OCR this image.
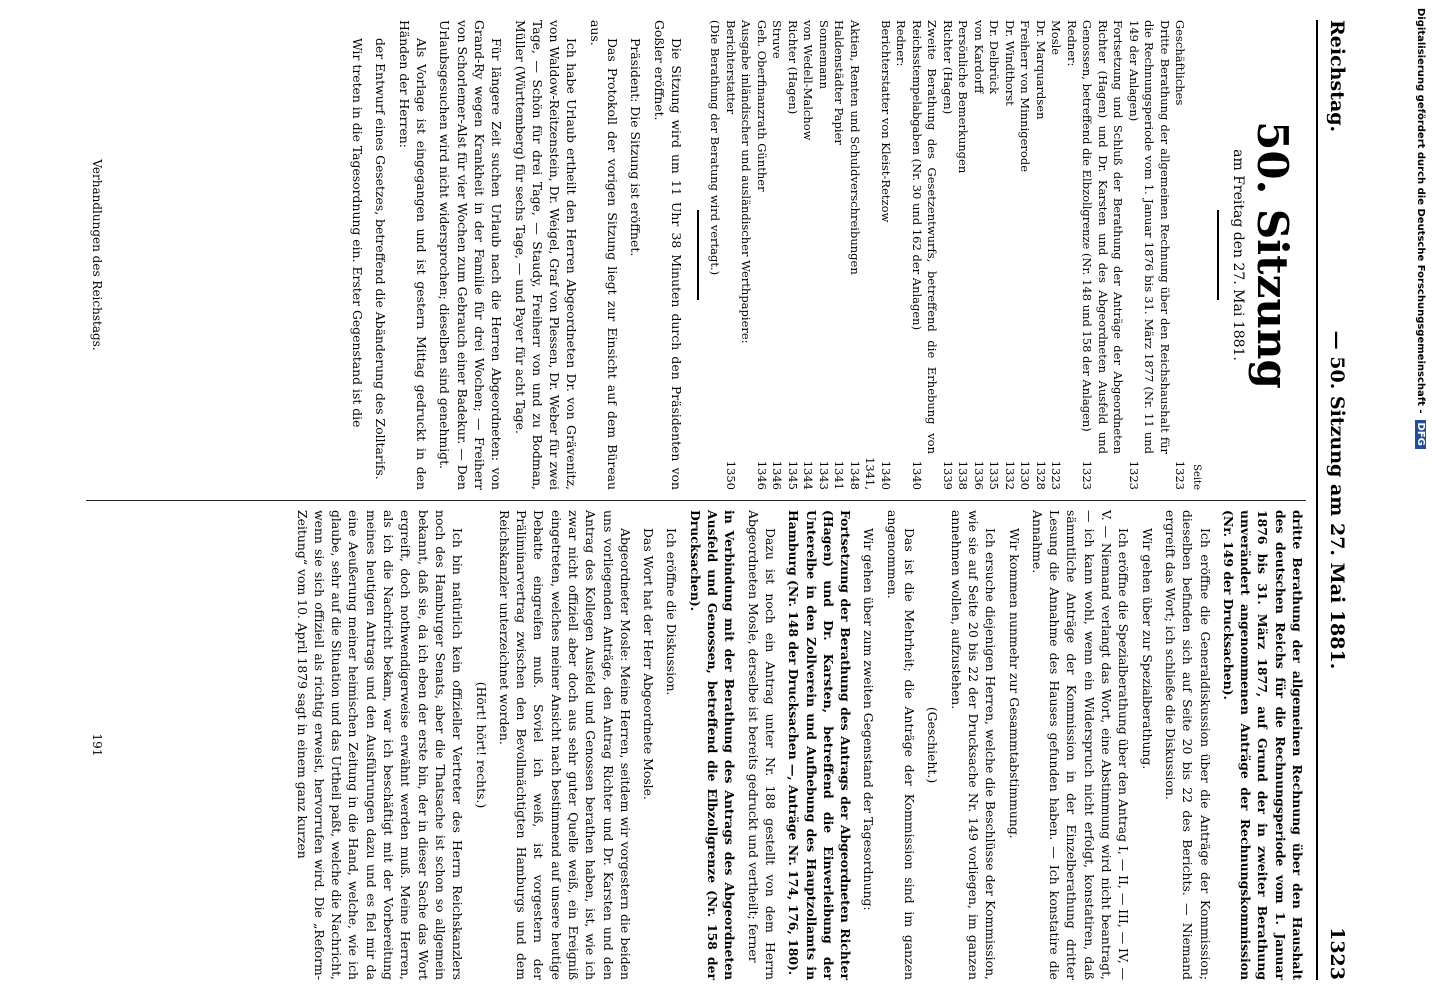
Reichstag.
— 50. Sitzung am 27. Mai 1881.
1323
50. Sitzung
am Freitag den 27. Mai 1881.
Seite
Geschäftliches
1323
Dritte Berathung der allgemeinen Rechnung über den Reichshaushalt für die Rechnungsperiode vom 1. Januar 1876 bis 31. März 1877 (Nr. 11 und 149 der Anlagen)
1323
Fortsetzung und Schluß der Berathung der Anträge der Abgeordneten Richter (Hagen) und Dr. Karsten und des Abgeordneten Ausfeld und Genossen, betreffend die Elbzollgrenze (Nr. 148 und 158 der Anlagen)
1323
Redner:
Mosle
1323
Dr. Marquardsen
1328
Freiherr von Minnigerode
1330
Dr. Windthorst
1332
Dr. Delbrück
1335
von Kardorff
1336
Persönliche Bemerkungen
1338
Richter (Hagen)
1339
Zweite Berathung des Gesetzentwurfs, betreffend die Erhebung von Reichsstempelabgaben (Nr. 30 und 162 der Anlagen)
1340
Redner:
Berichterstatter von Kleist-Retzow
1340
Aktien, Renten und Schuldverschreibungen
1341, 1348
Haldenstädter Papier
1341
Sonnemann
1343
von Wedell-Malchow
1344
Richter (Hagen)
1345
Struve
1346
Geh. Oberfinanzrath Günther
1346
Ausgabe inländischer und ausländischer Werthpapiere:
Berichterstatter
1350
(Die Berathung der Beratung wird vertagt.)

Die Sitzung wird um 11 Uhr 38 Minuten durch den Präsidenten von Goßler eröffnet.

Präsident: Die Sitzung ist eröffnet.

Das Protokoll der vorigen Sitzung liegt zur Einsicht auf dem Büreau aus.

Ich habe Urlaub ertheilt den Herren Abgeordneten Dr. von Grävenitz, von Waldow-Reitzenstein, Dr. Weigel, Graf von Plessen, Dr. Weber für zwei Tage, — Schön für drei Tage, — Staudy, Freiherr von und zu Bodman, Müller (Württemberg) für sechs Tage, — und Payer für acht Tage.

Für längere Zeit suchen Urlaub nach die Herren Abgeordneten: von Grand-Ry wegen Krankheit in der Familie für drei Wochen; — Freiherr von Schorlemer-Alst für vier Wochen zum Gebrauch einer Badekur. — Den Urlaubsgesuchen wird nicht widersprochen; dieselben sind genehmigt.

Als Vorlage ist eingegangen und ist gestern Mittag gedruckt in den Händen der Herren:

der Entwurf eines Gesetzes, betreffend die Abänderung des Zolltarifs.

Wir treten in die Tagesordnung ein. Erster Gegenstand ist die

Verhandlungen des Reichstags.

dritte Berathung der allgemeinen Rechnung über den Haushalt des deutschen Reichs für die Rechnungsperiode vom 1. Januar 1876 bis 31. März 1877, auf Grund der in zweiter Berathung unverändert angenommenen Anträge der Rechnungskommission (Nr. 149 der Drucksachen).

Ich eröffne die Generaldiskussion über die Anträge der Kommission; dieselben befinden sich auf Seite 20 bis 22 des Berichts. — Niemand ergreift das Wort; ich schließe die Diskussion.

Wir gehen über zur Spezialberathung.

Ich eröffne die Spezialberathung über den Antrag I, — II, — III, — IV, — V. — Niemand verlangt das Wort, eine Abstimmung wird nicht beantragt, — ich kann wohl, wenn ein Widerspruch nicht erfolgt, konstatiren, daß sämmtliche Anträge der Kommission in der Einzelberathung dritter Lesung die Annahme des Hauses gefunden haben. — Ich konstatire die Annahme.

Wir kommen nunmehr zur Gesammtabstimmung.

Ich ersuche diejenigen Herren, welche die Beschlüsse der Kommission, wie sie auf Seite 20 bis 22 der Drucksache Nr. 149 vorliegen, im ganzen annehmen wollen, aufzustehen.

(Geschieht.)

Das ist die Mehrheit; die Anträge der Kommission sind im ganzen angenommen.

Wir gehen über zum zweiten Gegenstand der Tagesordnung:

Fortsetzung der Berathung des Antrags der Abgeordneten Richter (Hagen) und Dr. Karsten, betreffend die Einverleibung der Unterelbe in den Zollverein und Aufhebung des Hauptzollamts in Hamburg (Nr. 148 der Drucksachen —, Anträge Nr. 174, 176, 180).

Dazu ist noch ein Antrag unter Nr. 188 gestellt von dem Herrn Abgeordneten Mosle, derselbe ist bereits gedruckt und vertheilt; ferner

in Verbindung mit der Berathung des Antrags des Abgeordneten Ausfeld und Genossen, betreffend die Elbzollgrenze (Nr. 158 der Drucksachen).

Ich eröffne die Diskussion.

Das Wort hat der Herr Abgeordnete Mosle.

Abgeordneter Mosle: Meine Herren, seitdem wir vorgestern die beiden uns vorliegenden Anträge, den Antrag Richter und Dr. Karsten und den Antrag des Kollegen Ausfeld und Genossen berathen haben, ist, wie ich zwar nicht offiziell aber doch aus sehr guter Quelle weiß, ein Ereigniß eingetreten, welches meiner Ansicht nach bestimmend auf unsere heutige Debatte eingreifen muß. Soviel ich weiß, ist vorgestern der Präliminarvertrag zwischen den Bevollmächtigten Hamburgs und dem Reichskanzler unterzeichnet worden.

(Hört! hört! rechts.)

Ich bin natürlich kein offizieller Vertreter des Herrn Reichskanzlers noch des Hamburger Senats, aber die Thatsache ist schon so allgemein bekannt, daß sie, da ich eben der erste bin, der in dieser Sache das Wort ergreift, doch nothwendigerweise erwähnt werden muß. Meine Herren, als ich die Nachricht bekam, war ich beschäftigt mit der Vorbereitung meines heutigen Antrags und den Ausführungen dazu und es fiel mir da eine Aeußerung meiner heimischen Zeitung in die Hand, welche, wie ich glaube, sehr auf die Situation und das Urtheil paßt, welche die Nachricht, wenn sie sich offiziell als richtig erweist, hervorrufen wird. Die „Reform-Zeitung“ vom 10. April 1879 sagt in einem ganz kurzen

191
Digitalisierung gefördert durch die Deutsche Forschungsgemeinschaft -DFG
